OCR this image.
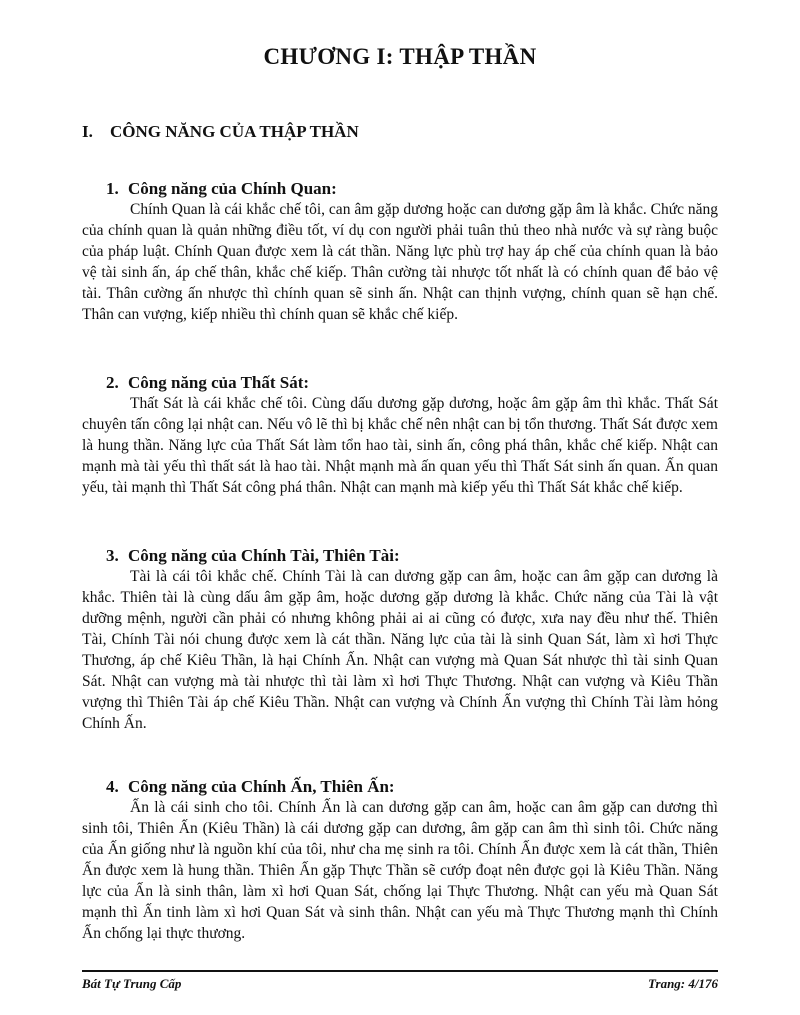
CHƯƠNG I: THẬP THẦN
I. CÔNG NĂNG CỦA THẬP THẦN
1. Công năng của Chính Quan:

Chính Quan là cái khắc chế tôi, can âm gặp dương hoặc can dương gặp âm là khắc. Chức năng của chính quan là quản những điều tốt, ví dụ con người phải tuân thủ theo nhà nước và sự ràng buộc của pháp luật. Chính Quan được xem là cát thần. Năng lực phù trợ hay áp chế của chính quan là bảo vệ tài sinh ấn, áp chế thân, khắc chế kiếp. Thân cường tài nhược tốt nhất là có chính quan để bảo vệ tài. Thân cường ấn nhược thì chính quan sẽ sinh ấn. Nhật can thịnh vượng, chính quan sẽ hạn chế. Thân can vượng, kiếp nhiều thì chính quan sẽ khắc chế kiếp.

2. Công năng của Thất Sát:

Thất Sát là cái khắc chế tôi. Cùng dấu dương gặp dương, hoặc âm gặp âm thì khắc. Thất Sát chuyên tấn công lại nhật can. Nếu vô lẽ thì bị khắc chế nên nhật can bị tổn thương. Thất Sát được xem là hung thần. Năng lực của Thất Sát làm tổn hao tài, sinh ấn, công phá thân, khắc chế kiếp. Nhật can mạnh mà tài yếu thì thất sát là hao tài. Nhật mạnh mà ấn quan yếu thì Thất Sát sinh ấn quan. Ấn quan yếu, tài mạnh thì Thất Sát công phá thân. Nhật can mạnh mà kiếp yếu thì Thất Sát khắc chế kiếp.

3. Công năng của Chính Tài, Thiên Tài:

Tài là cái tôi khắc chế. Chính Tài là can dương gặp can âm, hoặc can âm gặp can dương là khắc. Thiên tài là cùng dấu âm gặp âm, hoặc dương gặp dương là khắc. Chức năng của Tài là vật dưỡng mệnh, người cần phải có nhưng không phải ai ai cũng có được, xưa nay đều như thế. Thiên Tài, Chính Tài nói chung được xem là cát thần. Năng lực của tài là sinh Quan Sát, làm xì hơi Thực Thương, áp chế Kiêu Thần, là hại Chính Ấn. Nhật can vượng mà Quan Sát nhược thì tài sinh Quan Sát. Nhật can vượng mà tài nhược thì tài làm xì hơi Thực Thương. Nhật can vượng và Kiêu Thần vượng thì Thiên Tài áp chế Kiêu Thần. Nhật can vượng và Chính Ấn vượng thì Chính Tài làm hỏng Chính Ấn.

4. Công năng của Chính Ấn, Thiên Ấn:

Ấn là cái sinh cho tôi. Chính Ấn là can dương gặp can âm, hoặc can âm gặp can dương thì sinh tôi, Thiên Ấn (Kiêu Thần) là cái dương gặp can dương, âm gặp can âm thì sinh tôi. Chức năng của Ấn giống như là nguồn khí của tôi, như cha mẹ sinh ra tôi. Chính Ấn được xem là cát thần, Thiên Ấn được xem là hung thần. Thiên Ấn gặp Thực Thần sẽ cướp đoạt nên được gọi là Kiêu Thần. Năng lực của Ấn là sinh thân, làm xì hơi Quan Sát, chống lại Thực Thương. Nhật can yếu mà Quan Sát mạnh thì Ấn tinh làm xì hơi Quan Sát và sinh thân. Nhật can yếu mà Thực Thương mạnh thì Chính Ấn chống lại thực thương.

Bát Tự Trung Cấp	Trang: 4/176
